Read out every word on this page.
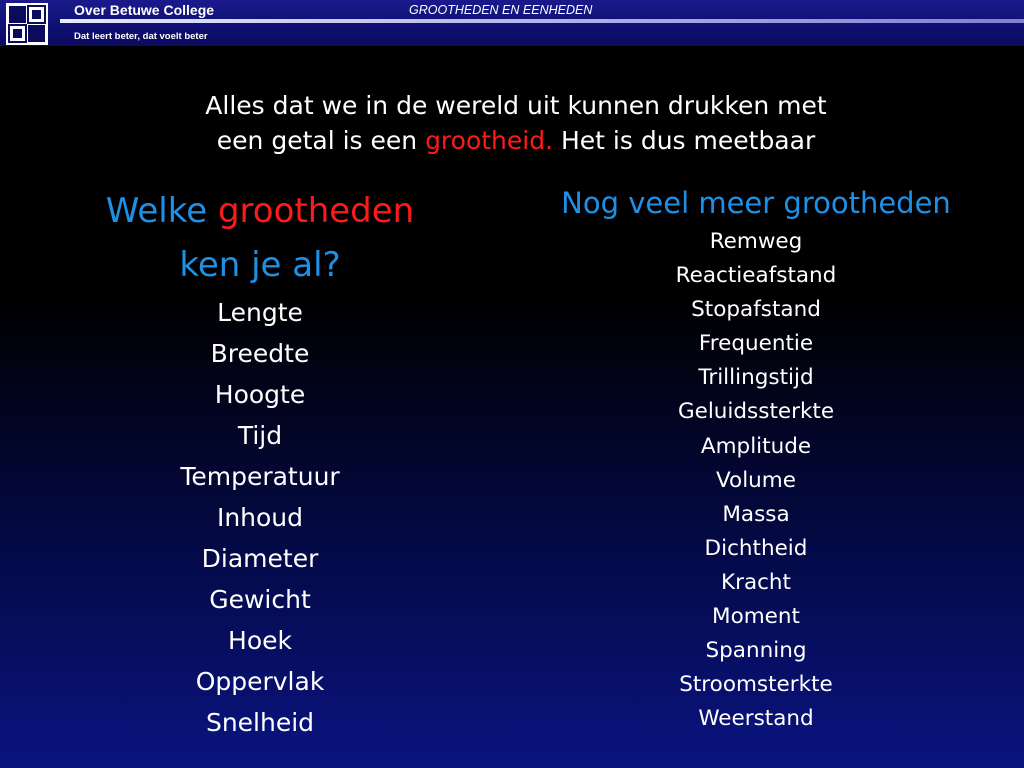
Over Betuwe College
Dat leert beter, dat voelt beter
GROOTHEDEN EN EENHEDEN
Alles dat we in de wereld uit kunnen drukken met
een getal is een grootheid. Het is dus meetbaar
Welke grootheden
ken je al?
Lengte
Breedte
Hoogte
Tijd
Temperatuur
Inhoud
Diameter
Gewicht
Hoek
Oppervlak
Snelheid
Nog veel meer grootheden
Remweg
Reactieafstand
Stopafstand
Frequentie
Trillingstijd
Geluidssterkte
Amplitude
Volume
Massa
Dichtheid
Kracht
Moment
Spanning
Stroomsterkte
Weerstand
